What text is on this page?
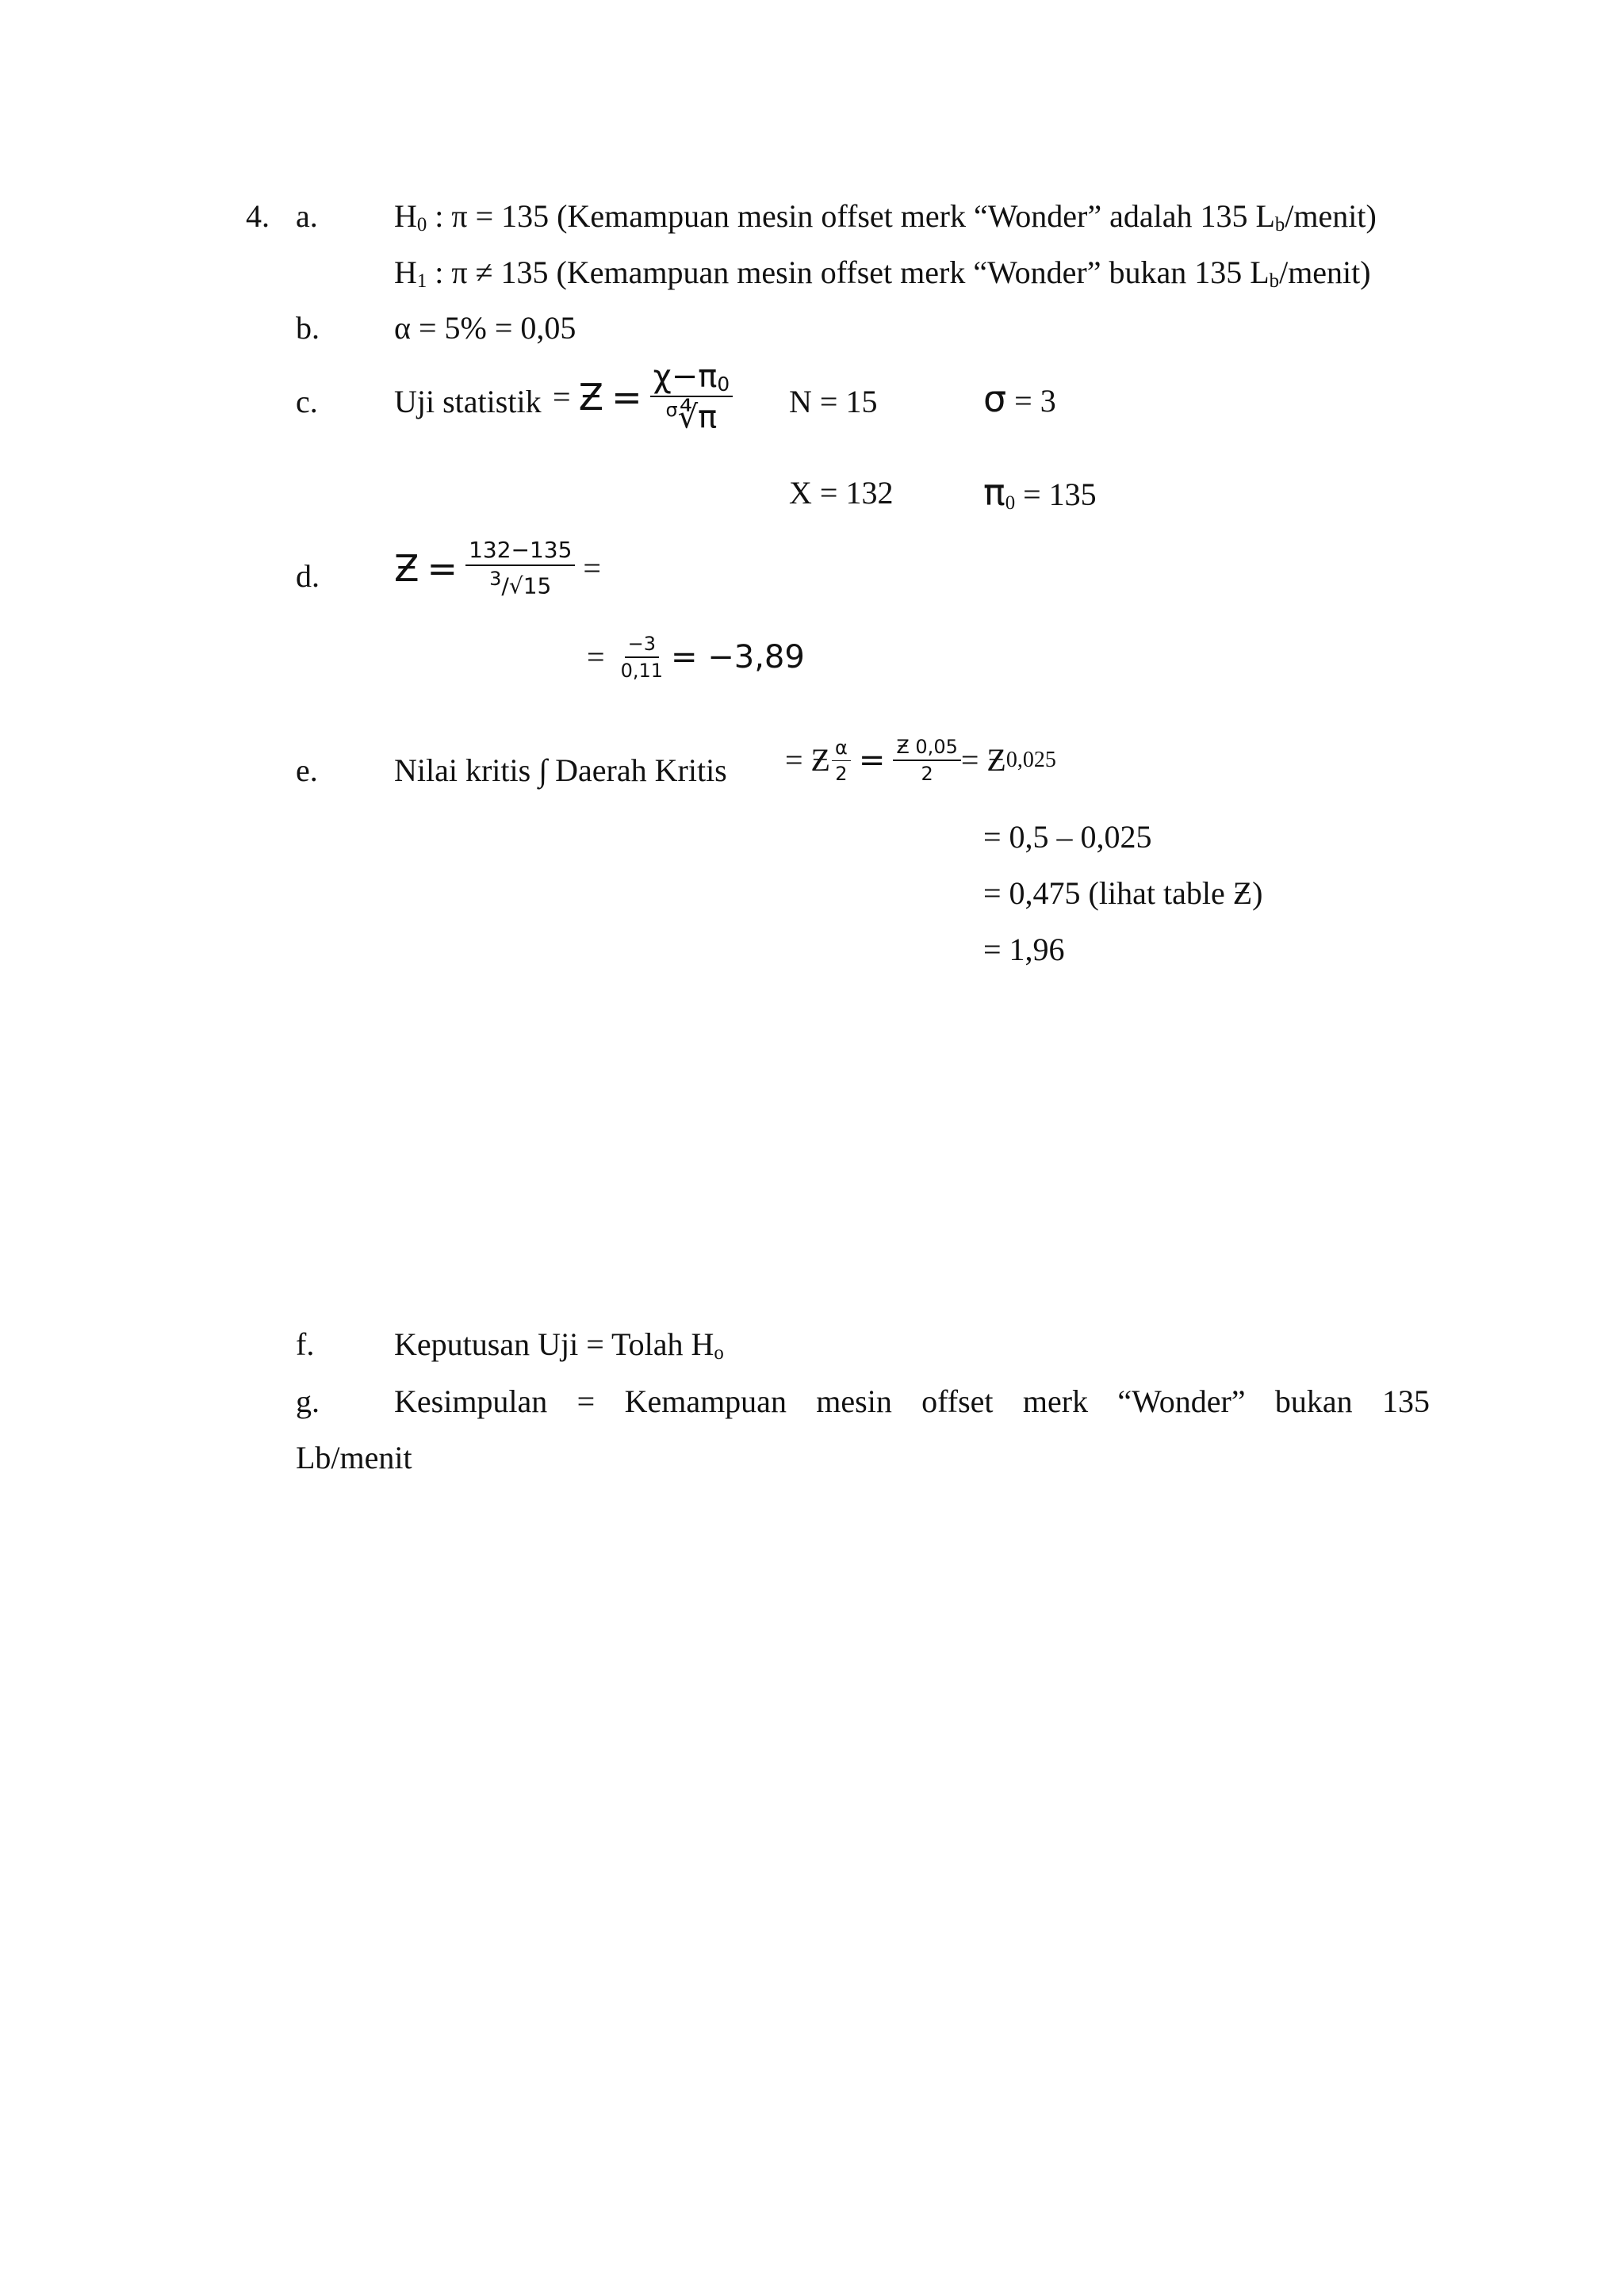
4. a. $H_0$ : π = 135 (Kemampuan mesin offset merk “Wonder” adalah 135 $L_b/menit$)
$H_1$ : π ≠ 135 (Kemampuan mesin offset merk “Wonder” bukan 135 $L_b/menit$)
b. α = 5% = 0,05
c. Uji statistik =
Ƶ
=
$\frac{\chi-\pi_0}{^\sigma∜\pi}$ N = 15	σ = 3
X = 132 $\pi_0 = 135$
d. Ƶ
=
$\frac{132-135}{^3/√15}$
=
=
$\frac{-3}{0,11}$
= −3,89
e. Nilai kritis ∫ Daerah Kritis = Ƶ $\frac{\alpha}{2}$
=
$\frac{Ƶ 0,05}{2}$ = Ƶ 0,025
= 0,5 – 0,025
= 0,475 (lihat table Ƶ)
= 1,96
f.	Keputusan Uji = Tolah $H_o$
g. Kesimpulan = Kemampuan mesin offset merk “Wonder” bukan 135
Lb/menit
